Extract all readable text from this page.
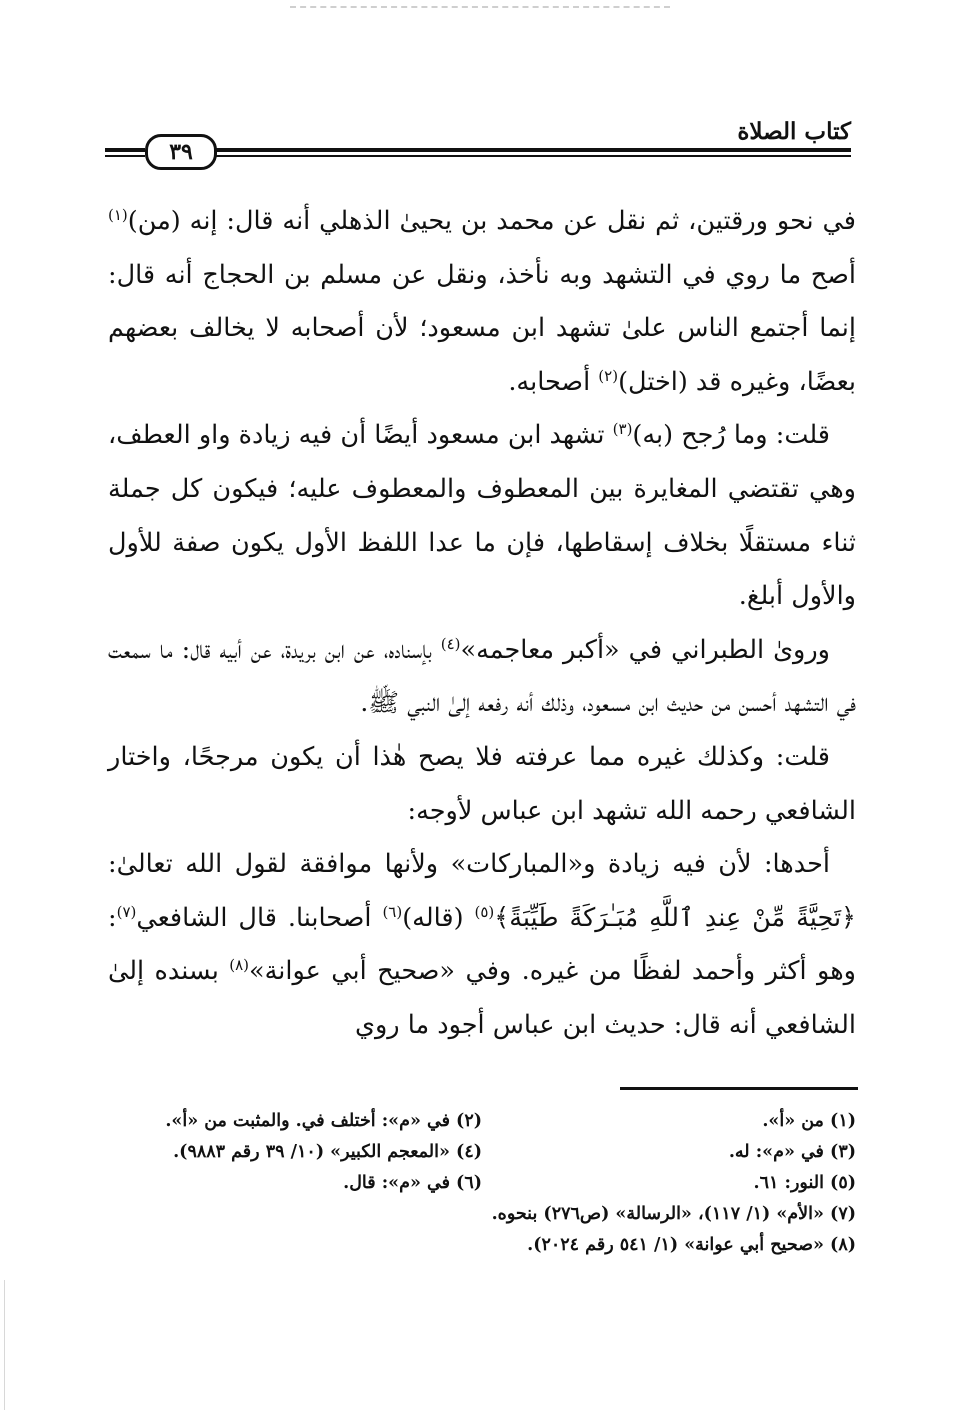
كتاب الصلاة
٣٩

في نحو ورقتين، ثم نقل عن محمد بن يحيىٰ الذهلي أنه قال: إنه (من)$^{(١)}$ أصح ما روي في التشهد وبه نأخذ، ونقل عن مسلم بن الحجاج أنه قال: إنما أجتمع الناس علىٰ تشهد ابن مسعود؛ لأن أصحابه لا يخالف بعضهم بعضًا، وغيره قد (اختل)$^{(٢)}$ أصحابه.

قلت: وما رُجح (به)$^{(٣)}$ تشهد ابن مسعود أيضًا أن فيه زيادة واو العطف، وهي تقتضي المغايرة بين المعطوف والمعطوف عليه؛ فيكون كل جملة ثناء مستقلًا بخلاف إسقاطها، فإن ما عدا اللفظ الأول يكون صفة للأول والأول أبلغ.

وروىٰ الطبراني في «أكبر معاجمه»$^{(٤)}$ بإسناده، عن ابن بريدة، عن أبيه قال: ما سمعت في التشهد أحسن من حديث ابن مسعود، وذلك أنه رفعه إلىٰ النبي ﷺ.

قلت: وكذلك غيره مما عرفته فلا يصح هٰذا أن يكون مرجحًا، واختار الشافعي رحمه الله تشهد ابن عباس لأوجه:

أحدها: لأن فيه زيادة و«المباركات» ولأنها موافقة لقول الله تعالىٰ: ﴿تَحِيَّةً مِّنْ عِندِ ٱللَّهِ مُبَـٰرَكَةً طَيِّبَةً﴾$^{(٥)}$ (قاله)$^{(٦)}$ أصحابنا. قال الشافعي$^{(٧)}$: وهو أكثر وأحمد لفظًا من غيره. وفي «صحيح أبي عوانة»$^{(٨)}$ بسنده إلىٰ الشافعي أنه قال: حديث ابن عباس أجود ما روي

(١) من «أ».
(٢) في «م»: أختلف في. والمثبت من «أ».
(٣) في «م»: له.
(٤) «المعجم الكبير» (١٠/ ٣٩ رقم ٩٨٨٣).
(٥) النور: ٦١.
(٦) في «م»: قال.
(٧) «الأم» (١/ ١١٧)، «الرسالة» (ص٢٧٦) بنحوه.
(٨) «صحيح أبي عوانة» (١/ ٥٤١ رقم ٢٠٢٤).
